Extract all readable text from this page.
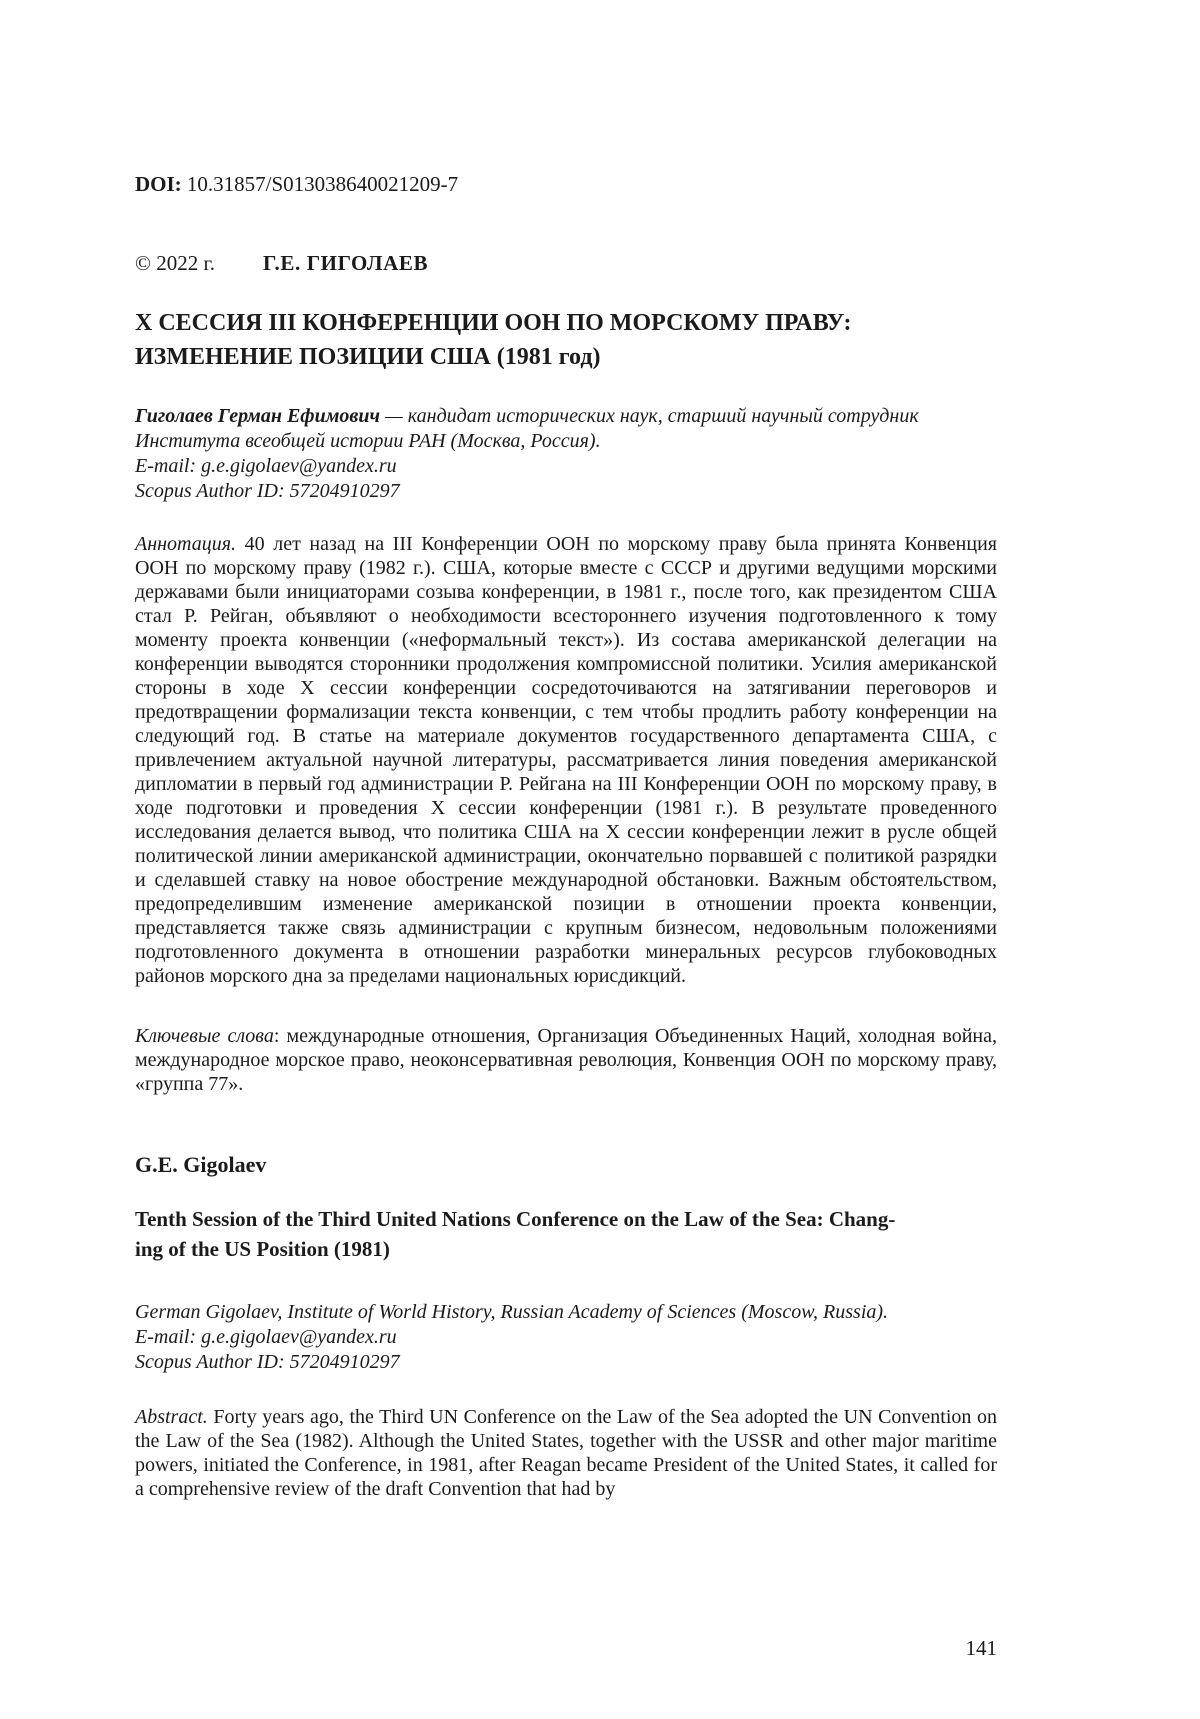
DOI: 10.31857/S013038640021209-7
© 2022 г. Г.Е. ГИГОЛАЕВ
Х СЕССИЯ III КОНФЕРЕНЦИИ ООН ПО МОРСКОМУ ПРАВУ:
ИЗМЕНЕНИЕ ПОЗИЦИИ США (1981 год)
Гиголаев Герман Ефимович — кандидат исторических наук, старший научный сотрудник Института всеобщей истории РАН (Москва, Россия).
E-mail: g.e.gigolaev@yandex.ru
Scopus Author ID: 57204910297

Аннотация. 40 лет назад на III Конференции ООН по морскому праву была принята Конвенция ООН по морскому праву (1982 г.). США, которые вместе с СССР и другими ведущими морскими державами были инициаторами созыва конференции, в 1981 г., после того, как президентом США стал Р. Рейган, объявляют о необходимости всестороннего изучения подготовленного к тому моменту проекта конвенции («неформальный текст»). Из состава американской делегации на конференции выводятся сторонники продолжения компромиссной политики. Усилия американской стороны в ходе X сессии конференции сосредоточиваются на затягивании переговоров и предотвращении формализации текста конвенции, с тем чтобы продлить работу конференции на следующий год. В статье на материале документов государственного департамента США, с привлечением актуальной научной литературы, рассматривается линия поведения американской дипломатии в первый год администрации Р. Рейгана на III Конференции ООН по морскому праву, в ходе подготовки и проведения X сессии конференции (1981 г.). В результате проведенного исследования делается вывод, что политика США на X сессии конференции лежит в русле общей политической линии американской администрации, окончательно порвавшей с политикой разрядки и сделавшей ставку на новое обострение международной обстановки. Важным обстоятельством, предопределившим изменение американской позиции в отношении проекта конвенции, представляется также связь администрации с крупным бизнесом, недовольным положениями подготовленного документа в отношении разработки минеральных ресурсов глубоководных районов морского дна за пределами национальных юрисдикций.

Ключевые слова: международные отношения, Организация Объединенных Наций, холодная война, международное морское право, неоконсервативная революция, Конвенция ООН по морскому праву, «группа 77».

G.E. Gigolaev
Tenth Session of the Third United Nations Conference on the Law of the Sea: Chang-
ing of the US Position (1981)
German Gigolaev, Institute of World History, Russian Academy of Sciences (Moscow, Russia).
E-mail: g.e.gigolaev@yandex.ru
Scopus Author ID: 57204910297

Abstract. Forty years ago, the Third UN Conference on the Law of the Sea adopted the UN Convention on the Law of the Sea (1982). Although the United States, together with the USSR and other major maritime powers, initiated the Conference, in 1981, after Reagan became President of the United States, it called for a comprehensive review of the draft Convention that had by

141
